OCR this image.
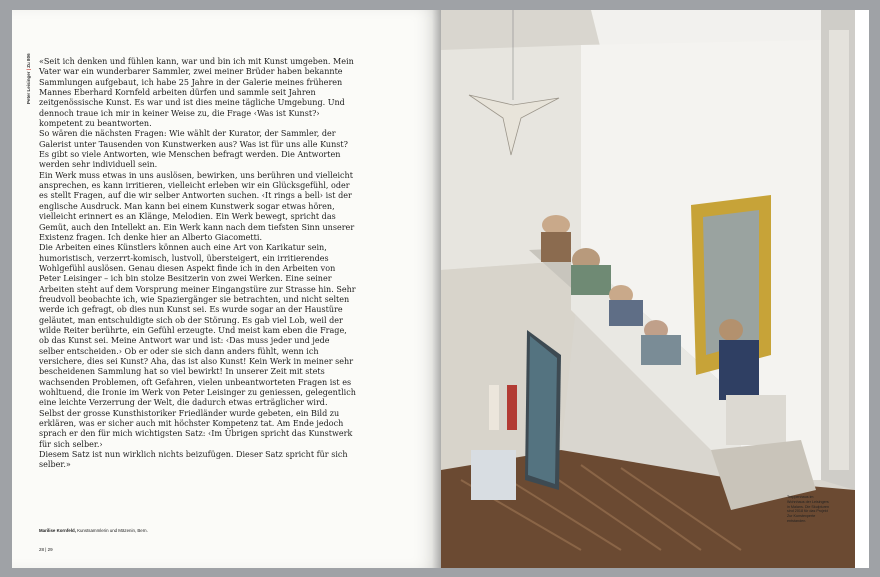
Peter Leisinger | Zu 806 «Seit ich denken und fühlen kann, war und bin ich mit Kunst umgeben. Mein Vater war ein wunderbarer Sammler, zwei meiner Brüder haben bekannte Sammlungen aufgebaut, ich habe 25 Jahre in der Galerie meines früheren Mannes Eberhard Kornfeld arbeiten dürfen und sammle seit Jahren zeitgenössische Kunst. Es war und ist dies meine tägliche Umgebung. Und dennoch traue ich mir in keiner Weise zu, die Frage ‹Was ist Kunst?› kompetent zu beantworten.

So wären die nächsten Fragen: Wie wählt der Kurator, der Sammler, der Galerist unter Tausenden von Kunstwerken aus? Was ist für uns alle Kunst? Es gibt so viele Antworten, wie Menschen befragt werden. Die Antworten werden sehr individuell sein.

Ein Werk muss etwas in uns auslösen, bewirken, uns berühren und vielleicht ansprechen, es kann irritieren, vielleicht erleben wir ein Glücksgefühl, oder es stellt Fragen, auf die wir selber Antworten suchen. ‹It rings a bell› ist der englische Ausdruck. Man kann bei einem Kunstwerk sogar etwas hören, vielleicht erinnert es an Klänge, Melodien. Ein Werk bewegt, spricht das Gemüt, auch den Intellekt an. Ein Werk kann nach dem tiefsten Sinn unserer Existenz fragen. Ich denke hier an Alberto Giacometti.

Die Arbeiten eines Künstlers können auch eine Art von Karikatur sein, humoristisch, verzerrt-komisch, lustvoll, übersteigert, ein irritierendes Wohlgefühl auslösen. Genau diesen Aspekt finde ich in den Arbeiten von Peter Leisinger – ich bin stolze Besitzerin von zwei Werken. Eine seiner Arbeiten steht auf dem Vorsprung meiner Eingangstüre zur Strasse hin. Sehr freudvoll beobachte ich, wie Spaziergänger sie betrachten, und nicht selten werde ich gefragt, ob dies nun Kunst sei. Es wurde sogar an der Haustüre geläutet, man entschuldigte sich ob der Störung. Es gab viel Lob, weil der wilde Reiter berührte, ein Gefühl erzeugte. Und meist kam eben die Frage, ob das Kunst sei. Meine Antwort war und ist: ‹Das muss jeder und jede selber entscheiden.› Ob er oder sie sich dann anders fühlt, wenn ich versichere, dies sei Kunst? Aha, das ist also Kunst! Kein Werk in meiner sehr bescheidenen Sammlung hat so viel bewirkt! In unserer Zeit mit stets wachsenden Problemen, oft Gefahren, vielen unbeantworteten Fragen ist es wohltuend, die Ironie im Werk von Peter Leisinger zu geniessen, gelegentlich eine leichte Verzerrung der Welt, die dadurch etwas erträglicher wird.

Selbst der grosse Kunsthistoriker Friedländer wurde gebeten, ein Bild zu erklären, was er sicher auch mit höchster Kompetenz tat. Am Ende jedoch sprach er den für mich wichtigsten Satz: ‹Im Übrigen spricht das Kunstwerk für sich selber.›

Diesem Satz ist nun wirklich nichts beizufügen. Dieser Satz spricht für sich selber.»

Marilise Kornfeld, Kunstsammlerin und Mäzenin, Bern.
28 | 29
Treppenhaus im Wohnhaus der Leisingers in Malans. Die Skulpturen sind 2018 für das Projekt Zur Kunstexperte entstanden.
